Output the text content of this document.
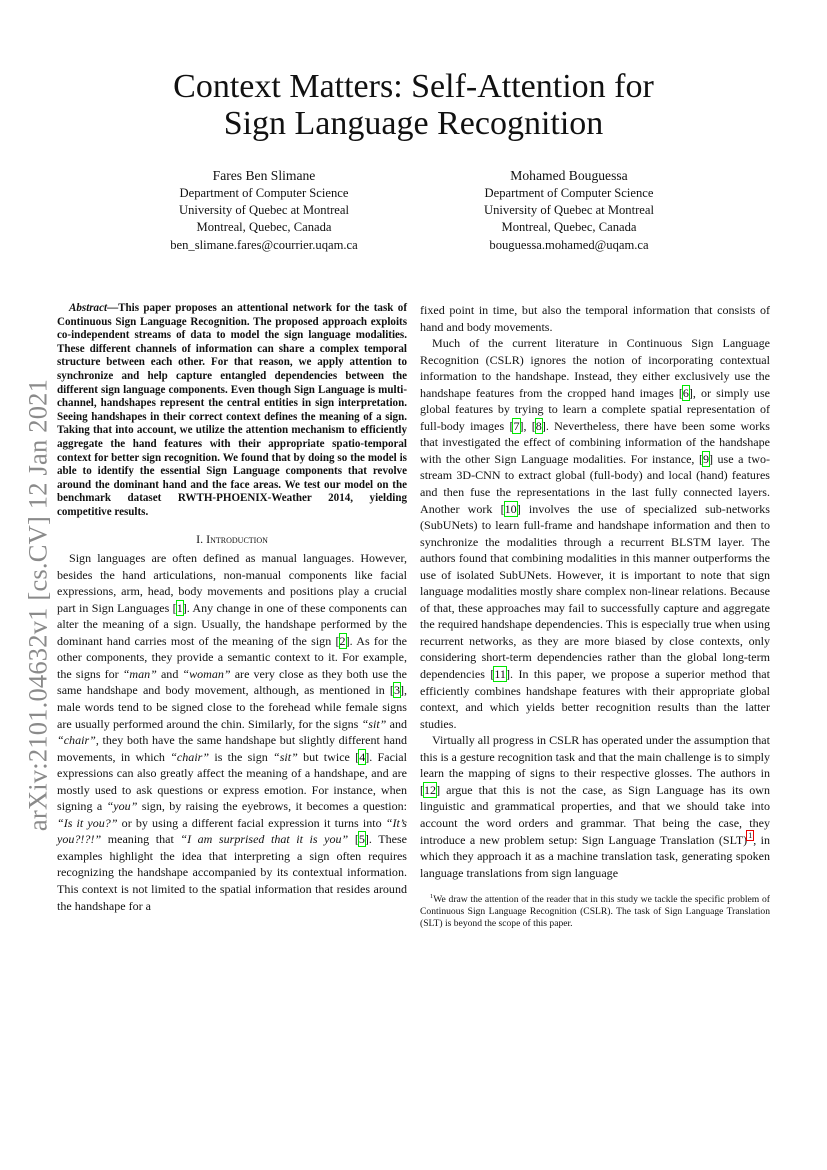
arXiv:2101.04632v1 [cs.CV] 12 Jan 2021
Context Matters: Self-Attention for
Sign Language Recognition
Fares Ben Slimane
Department of Computer Science
University of Quebec at Montreal
Montreal, Quebec, Canada
ben_slimane.fares@courrier.uqam.ca
Mohamed Bouguessa
Department of Computer Science
University of Quebec at Montreal
Montreal, Quebec, Canada
bouguessa.mohamed@uqam.ca

Abstract—This paper proposes an attentional network for the task of Continuous Sign Language Recognition. The proposed approach exploits co-independent streams of data to model the sign language modalities. These different channels of information can share a complex temporal structure between each other. For that reason, we apply attention to synchronize and help capture entangled dependencies between the different sign language components. Even though Sign Language is multi-channel, handshapes represent the central entities in sign interpretation. Seeing handshapes in their correct context defines the meaning of a sign. Taking that into account, we utilize the attention mechanism to efficiently aggregate the hand features with their appropriate spatio-temporal context for better sign recognition. We found that by doing so the model is able to identify the essential Sign Language components that revolve around the dominant hand and the face areas. We test our model on the benchmark dataset RWTH-PHOENIX-Weather 2014, yielding competitive results.

I. Introduction

Sign languages are often defined as manual languages. However, besides the hand articulations, non-manual components like facial expressions, arm, head, body movements and positions play a crucial part in Sign Languages [1]. Any change in one of these components can alter the meaning of a sign. Usually, the handshape performed by the dominant hand carries most of the meaning of the sign [2]. As for the other components, they provide a semantic context to it. For example, the signs for “man” and “woman” are very close as they both use the same handshape and body movement, although, as mentioned in [3], male words tend to be signed close to the forehead while female signs are usually performed around the chin. Similarly, for the signs “sit” and “chair”, they both have the same handshape but slightly different hand movements, in which “chair” is the sign “sit” but twice [4]. Facial expressions can also greatly affect the meaning of a handshape, and are mostly used to ask questions or express emotion. For instance, when signing a “you” sign, by raising the eyebrows, it becomes a question: “Is it you?” or by using a different facial expression it turns into “It’s you?!?!” meaning that “I am surprised that it is you” [5]. These examples highlight the idea that interpreting a sign often requires recognizing the handshape accompanied by its contextual information. This context is not limited to the spatial information that resides around the handshape for a

fixed point in time, but also the temporal information that consists of hand and body movements.

Much of the current literature in Continuous Sign Language Recognition (CSLR) ignores the notion of incorporating contextual information to the handshape. Instead, they either exclusively use the handshape features from the cropped hand images [6], or simply use global features by trying to learn a complete spatial representation of full-body images [7], [8]. Nevertheless, there have been some works that investigated the effect of combining information of the handshape with the other Sign Language modalities. For instance, [9] use a two-stream 3D-CNN to extract global (full-body) and local (hand) features and then fuse the representations in the last fully connected layers. Another work [10] involves the use of specialized sub-networks (SubUNets) to learn full-frame and handshape information and then to synchronize the modalities through a recurrent BLSTM layer. The authors found that combining modalities in this manner outperforms the use of isolated SubUNets. However, it is important to note that sign language modalities mostly share complex non-linear relations. Because of that, these approaches may fail to successfully capture and aggregate the required handshape dependencies. This is especially true when using recurrent networks, as they are more biased by close contexts, only considering short-term dependencies rather than the global long-term dependencies [11]. In this paper, we propose a superior method that efficiently combines handshape features with their appropriate global context, and which yields better recognition results than the latter studies.

Virtually all progress in CSLR has operated under the assumption that this is a gesture recognition task and that the main challenge is to simply learn the mapping of signs to their respective glosses. The authors in [12] argue that this is not the case, as Sign Language has its own linguistic and grammatical properties, and that we should take into account the word orders and grammar. That being the case, they introduce a new problem setup: Sign Language Translation (SLT)$^1$, in which they approach it as a machine translation task, generating spoken language translations from sign language

$^1$We draw the attention of the reader that in this study we tackle the specific problem of Continuous Sign Language Recognition (CSLR). The task of Sign Language Translation (SLT) is beyond the scope of this paper.
